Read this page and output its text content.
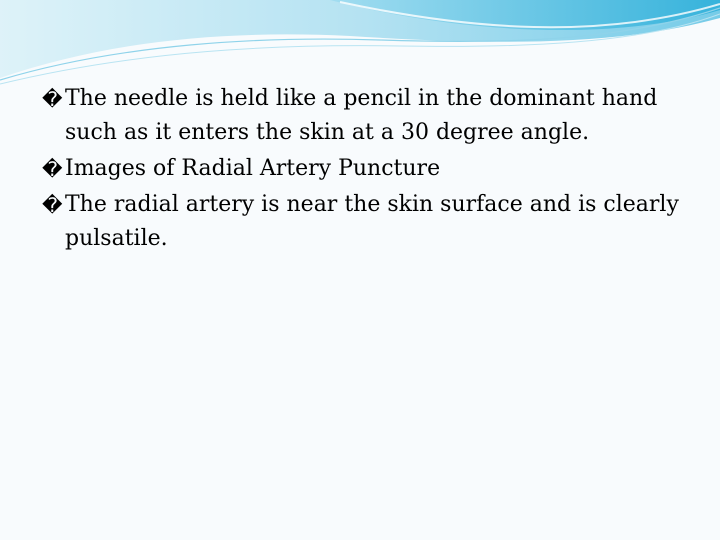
� The needle is held like a pencil in the dominant hand such as it enters the skin at a 30 degree angle.
� Images of Radial Artery Puncture
� The radial artery is near the skin surface and is clearly pulsatile.
